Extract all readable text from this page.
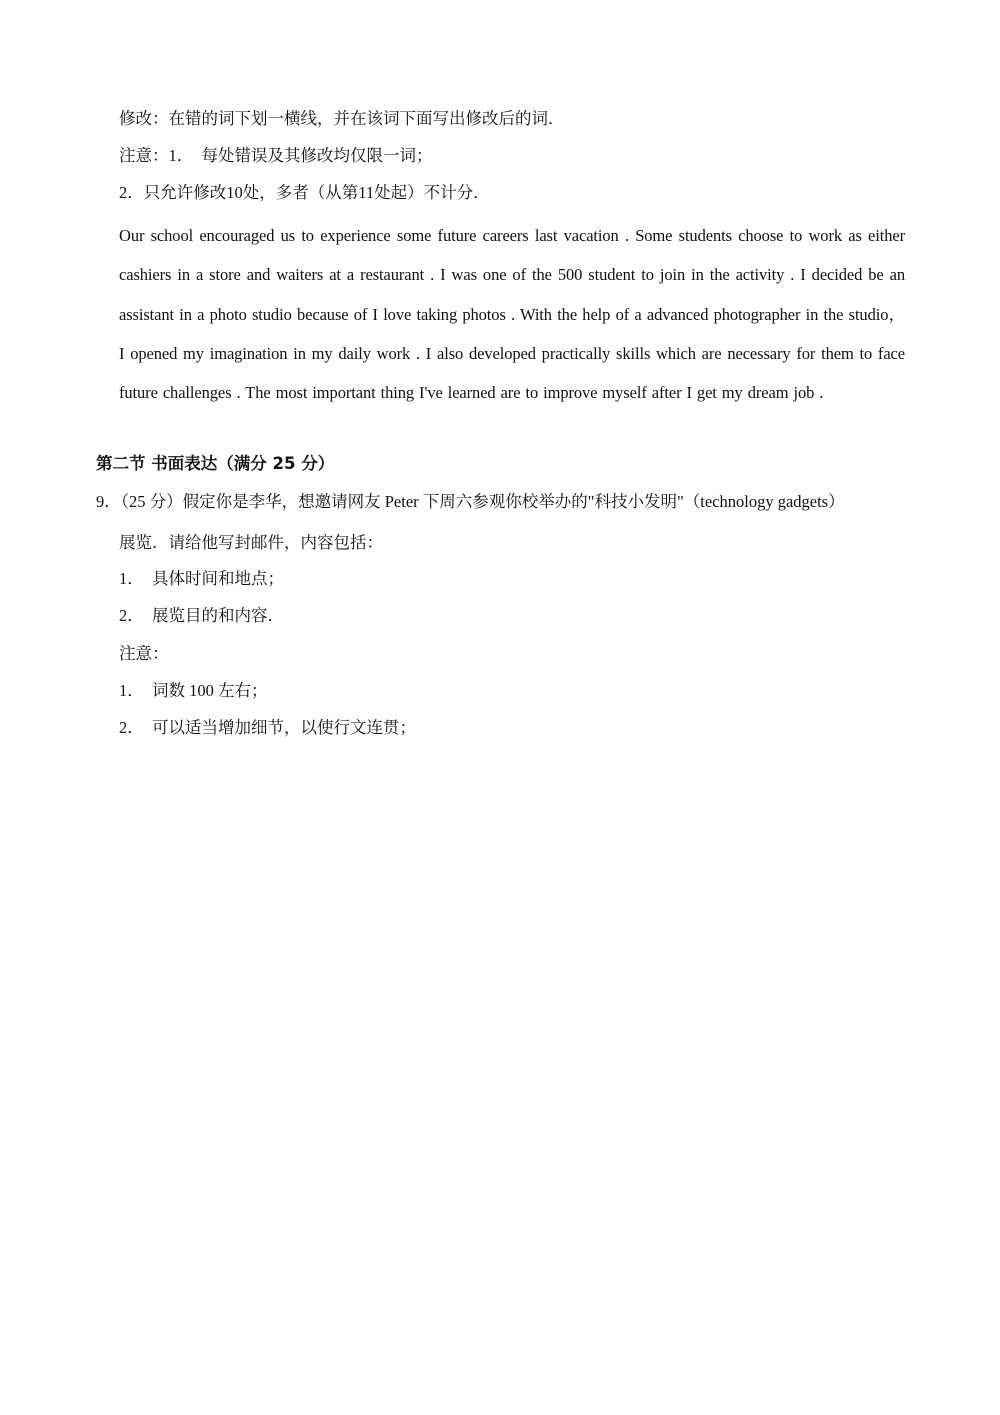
修改：在错的词下划一横线，并在该词下面写出修改后的词．
注意：1．　每处错误及其修改均仅限一词；
2．只允许修改10处，多者（从第11处起）不计分．
Our school encouraged us to experience some future careers last vacation . Some students choose to work as either cashiers in a store and waiters at a restaurant . I was one of the 500 student to join in the activity . I decided be an assistant in a photo studio because of I love taking photos . With the help of a advanced photographer in the studio， I opened my imagination in my daily work . I also developed practically skills which are necessary for them to face future challenges . The most important thing I've learned are to improve myself after I get my dream job .
第二节 书面表达（满分 25 分）
9．（25 分）假定你是李华，想邀请网友 Peter 下周六参观你校举办的"科技小发明"（technology gadgets）
展览．请给他写封邮件，内容包括：
1．　具体时间和地点；
2．　展览目的和内容．
注意：
1．　词数 100 左右；
2．　可以适当增加细节，以使行文连贯；
